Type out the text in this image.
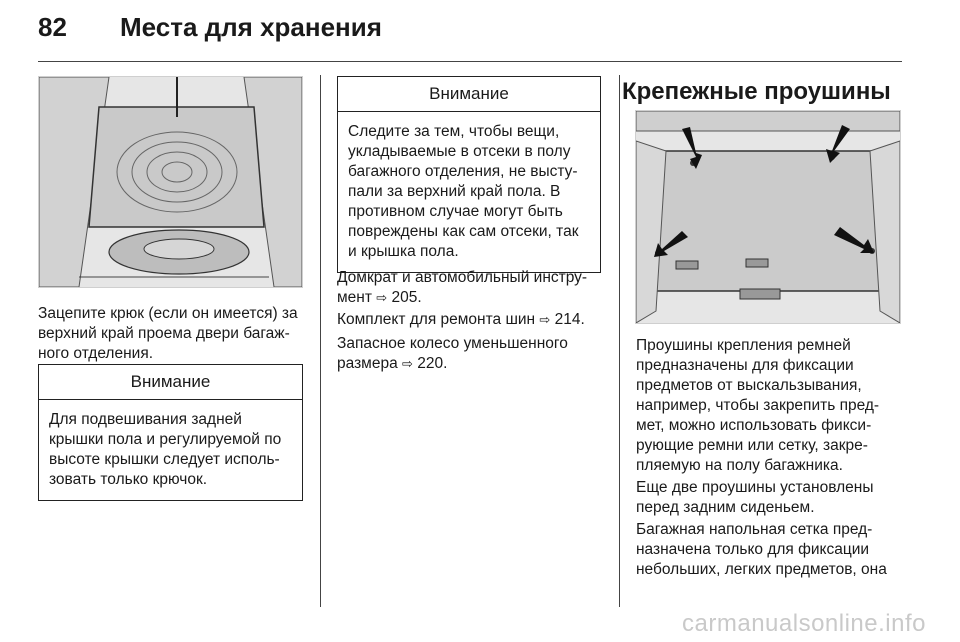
82 Места для хранения

Зацепите крюк (если он имеется) за
верхний край проема двери багаж-
ного отделения.

Внимание
Для подвешивания задней
крышки пола и регулируемой по
высоте крышки следует исполь-
зовать только крючок.
Внимание
Следите за тем, чтобы вещи,
укладываемые в отсеки в полу
багажного отделения, не высту-
пали за верхний край пола. В
противном случае могут быть
повреждены как сам отсеки, так
и крышка пола.

Домкрат и автомобильный инстру-
мент ⇨ 205.

Комплект для ремонта шин ⇨ 214.

Запасное колесо уменьшенного
размера ⇨ 220.

Крепежные проушины

Проушины крепления ремней
предназначены для фиксации
предметов от выскальзывания,
например, чтобы закрепить пред-
мет, можно использовать фикси-
рующие ремни или сетку, закре-
пляемую на полу багажника.

Еще две проушины установлены
перед задним сиденьем.

Багажная напольная сетка пред-
назначена только для фиксации
небольших, легких предметов, она

carmanualsonline.info
